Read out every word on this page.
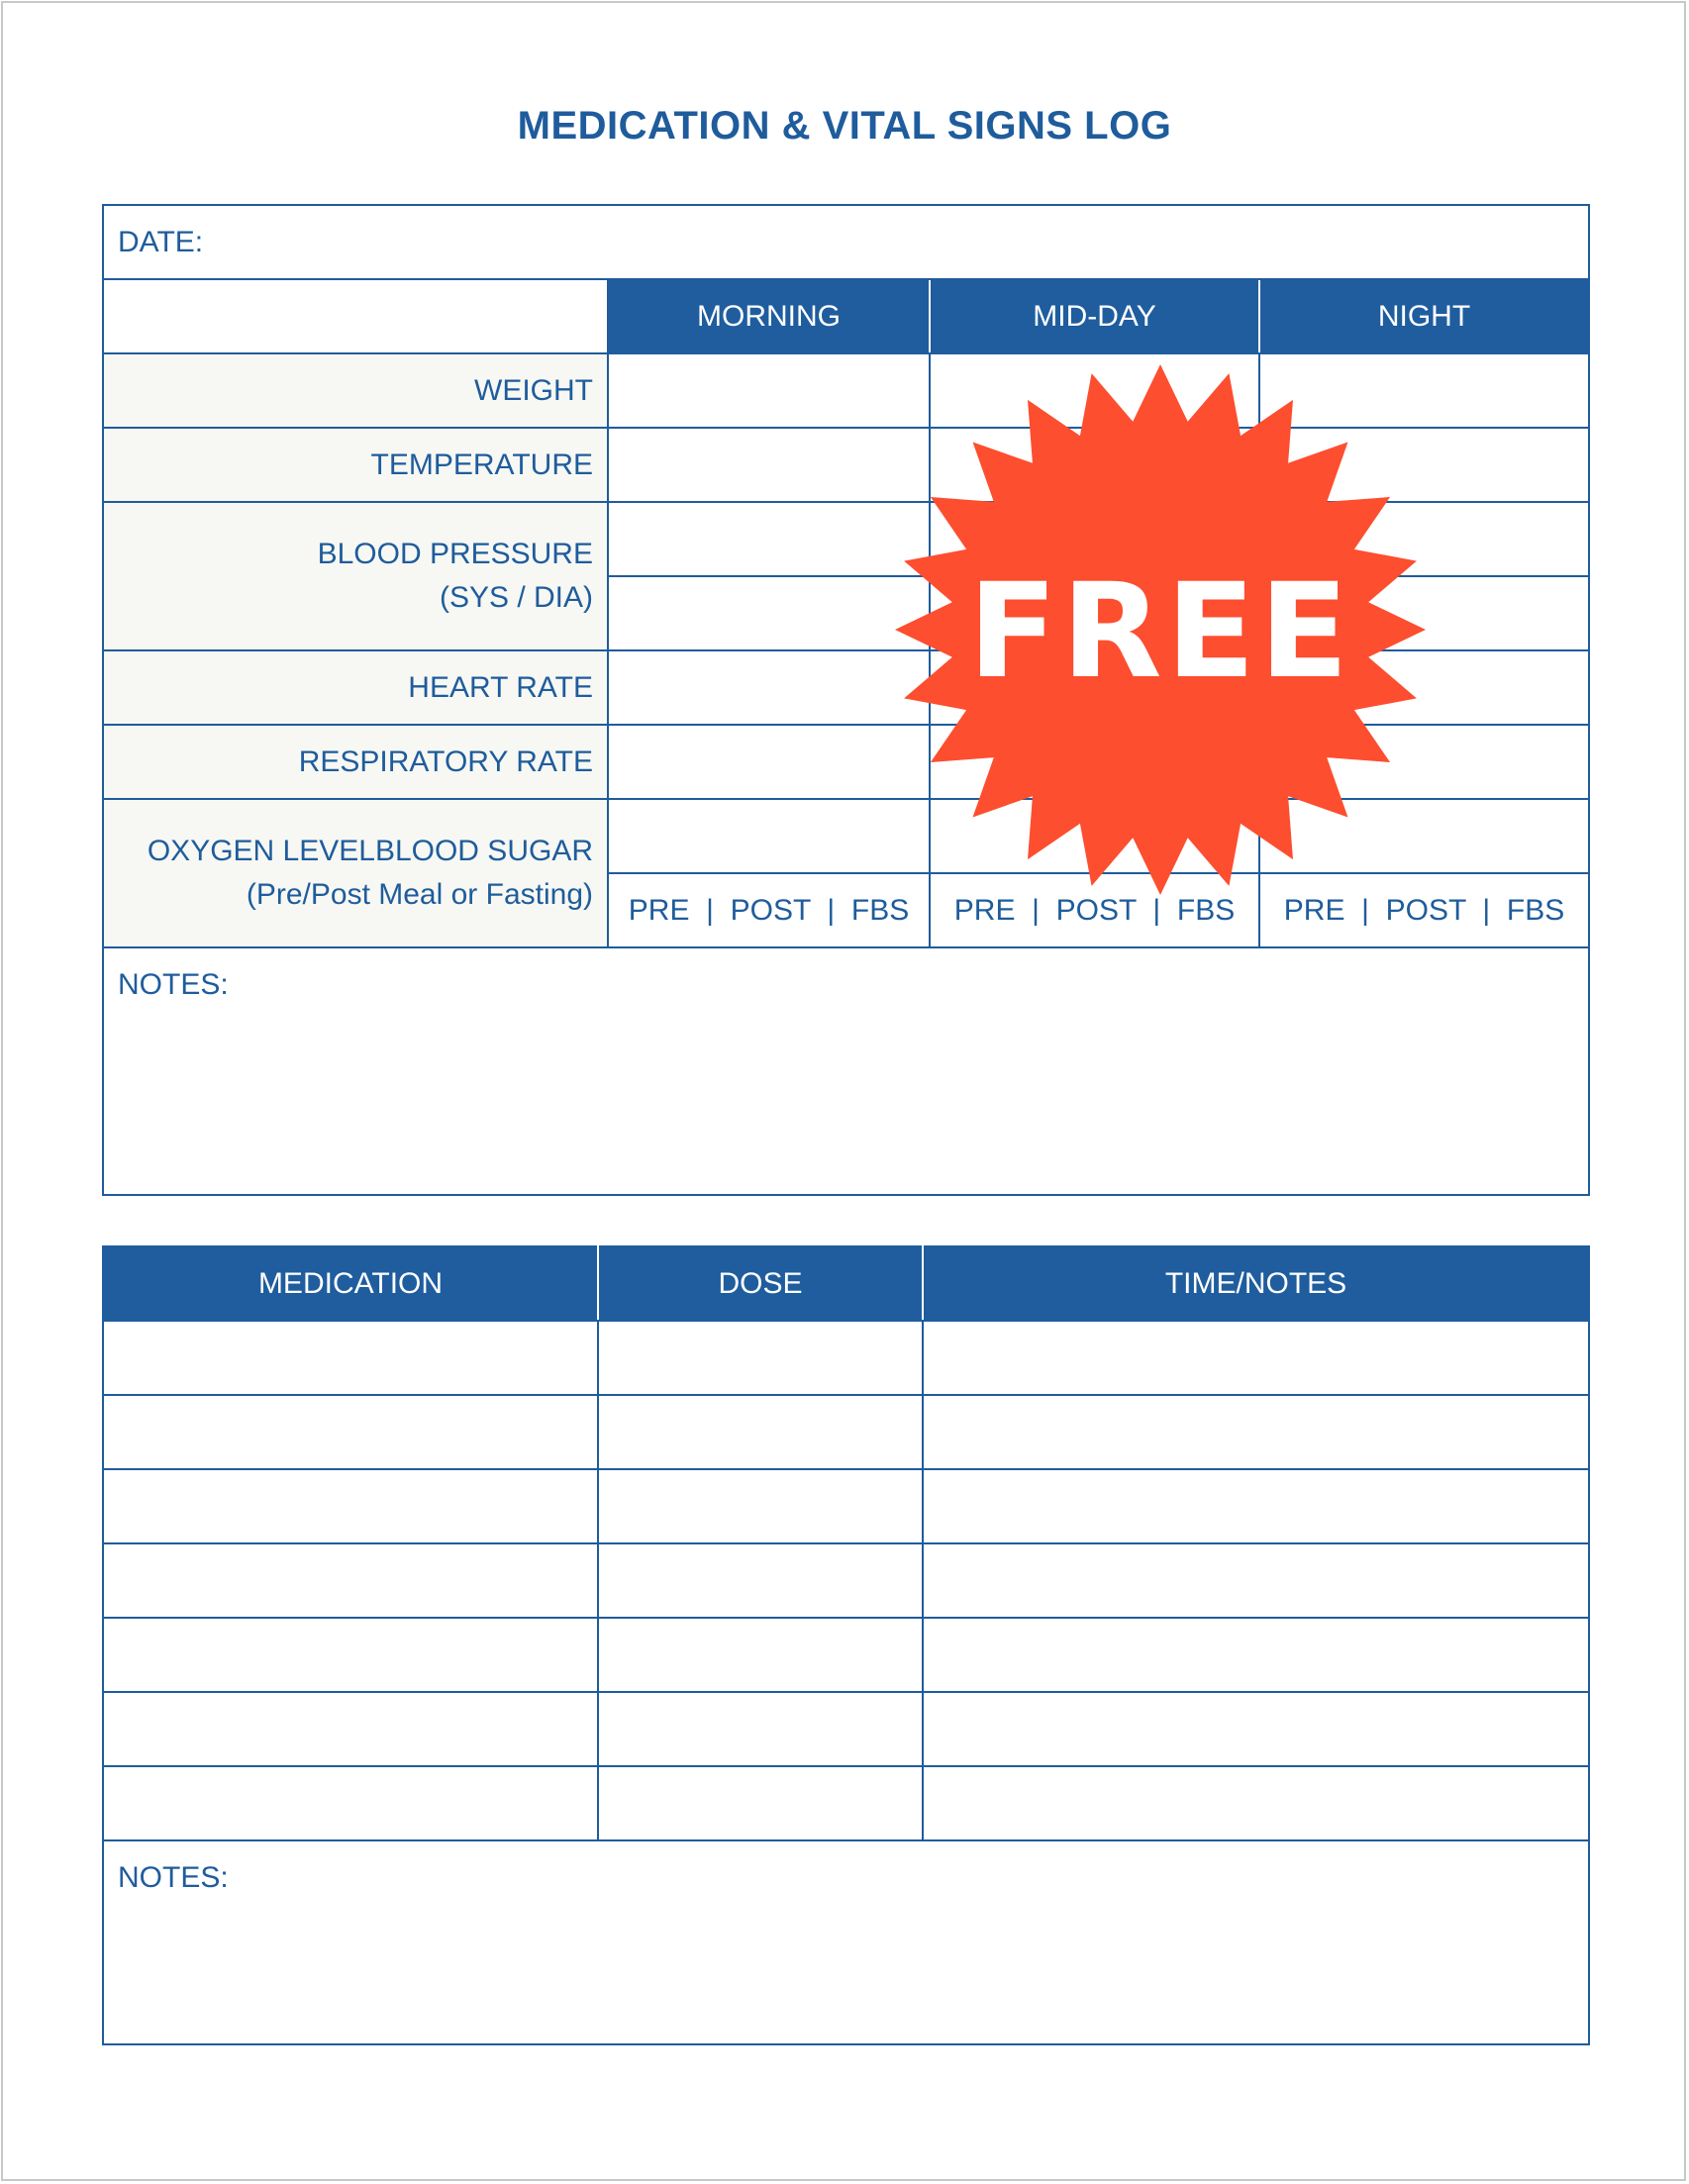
MEDICATION & VITAL SIGNS LOG
DATE:			
	MORNING	MID-DAY	NIGHT
WEIGHT			
TEMPERATURE			

BLOOD PRESSURE
(SYS / DIA)			

HEART RATE			
RESPIRATORY RATE			

OXYGEN LEVELBLOOD SUGAR
(Pre/Post Meal or Fasting)			

	PRE  |  POST  |  FBS	PRE  |  POST  |  FBS	PRE  |  POST  |  FBS
NOTES:			
MEDICATION	DOSE	TIME/NOTES

NOTES:		
FREE
